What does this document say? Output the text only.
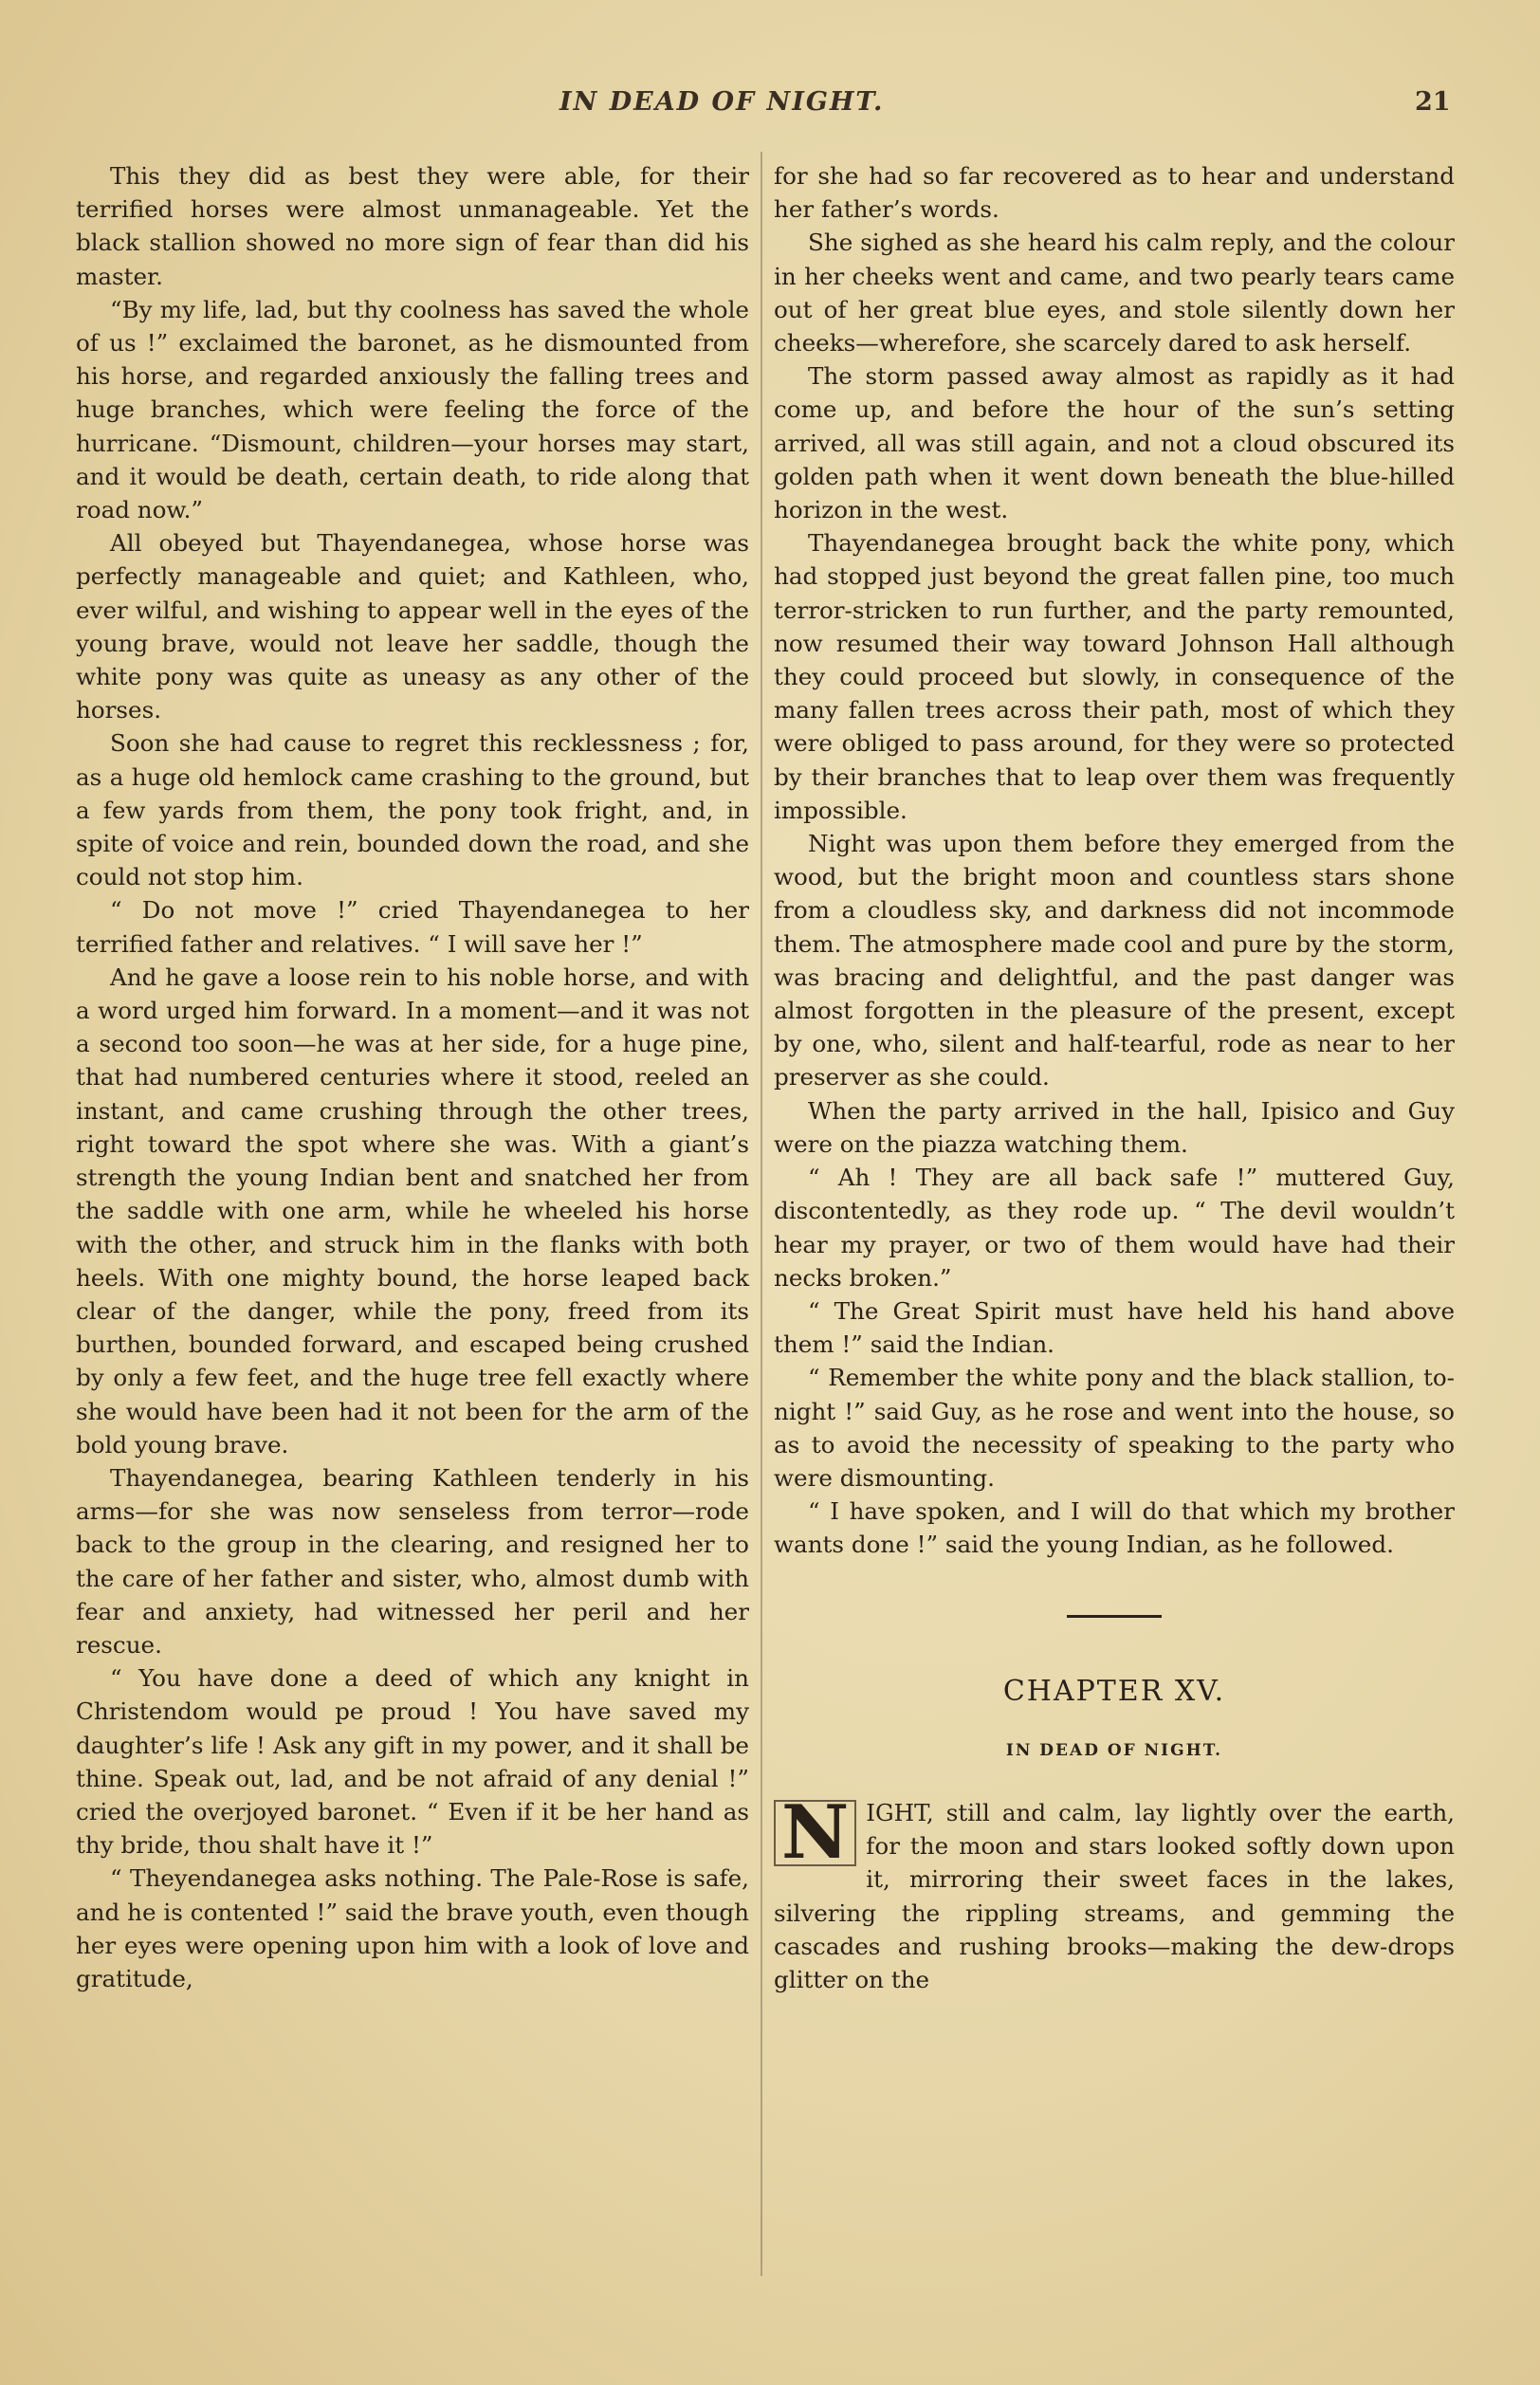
IN DEAD OF NIGHT.	21

This they did as best they were able, for their terrified horses were almost unmanageable. Yet the black stallion showed no more sign of fear than did his master.

“By my life, lad, but thy coolness has saved the whole of us !” exclaimed the baronet, as he dismounted from his horse, and regarded anxiously the falling trees and huge branches, which were feeling the force of the hurricane. “Dismount, children—your horses may start, and it would be death, certain death, to ride along that road now.”

All obeyed but Thayendanegea, whose horse was perfectly manageable and quiet; and Kathleen, who, ever wilful, and wishing to appear well in the eyes of the young brave, would not leave her saddle, though the white pony was quite as uneasy as any other of the horses.

Soon she had cause to regret this recklessness ; for, as a huge old hemlock came crashing to the ground, but a few yards from them, the pony took fright, and, in spite of voice and rein, bounded down the road, and she could not stop him.

“ Do not move !” cried Thayendanegea to her terrified father and relatives. “ I will save her !”

And he gave a loose rein to his noble horse, and with a word urged him forward. In a moment—and it was not a second too soon—he was at her side, for a huge pine, that had numbered centuries where it stood, reeled an instant, and came crushing through the other trees, right toward the spot where she was. With a giant’s strength the young Indian bent and snatched her from the saddle with one arm, while he wheeled his horse with the other, and struck him in the flanks with both heels. With one mighty bound, the horse leaped back clear of the danger, while the pony, freed from its burthen, bounded forward, and escaped being crushed by only a few feet, and the huge tree fell exactly where she would have been had it not been for the arm of the bold young brave.

Thayendanegea, bearing Kathleen tenderly in his arms—for she was now senseless from terror—rode back to the group in the clearing, and resigned her to the care of her father and sister, who, almost dumb with fear and anxiety, had witnessed her peril and her rescue.

“ You have done a deed of which any knight in Christendom would pe proud ! You have saved my daughter’s life ! Ask any gift in my power, and it shall be thine. Speak out, lad, and be not afraid of any denial !” cried the overjoyed baronet. “ Even if it be her hand as thy bride, thou shalt have it !”

“ Theyendanegea asks nothing. The Pale-Rose is safe, and he is contented !” said the brave youth, even though her eyes were opening upon him with a look of love and gratitude,

for she had so far recovered as to hear and understand her father’s words.

She sighed as she heard his calm reply, and the colour in her cheeks went and came, and two pearly tears came out of her great blue eyes, and stole silently down her cheeks—wherefore, she scarcely dared to ask herself.

The storm passed away almost as rapidly as it had come up, and before the hour of the sun’s setting arrived, all was still again, and not a cloud obscured its golden path when it went down beneath the blue-hilled horizon in the west.

Thayendanegea brought back the white pony, which had stopped just beyond the great fallen pine, too much terror-stricken to run further, and the party remounted, now resumed their way toward Johnson Hall although they could proceed but slowly, in consequence of the many fallen trees across their path, most of which they were obliged to pass around, for they were so protected by their branches that to leap over them was frequently impossible.

Night was upon them before they emerged from the wood, but the bright moon and countless stars shone from a cloudless sky, and darkness did not incommode them. The atmosphere made cool and pure by the storm, was bracing and delightful, and the past danger was almost forgotten in the pleasure of the present, except by one, who, silent and half-tearful, rode as near to her preserver as she could.

When the party arrived in the hall, Ipisico and Guy were on the piazza watching them.

“ Ah ! They are all back safe !” muttered Guy, discontentedly, as they rode up. “ The devil wouldn’t hear my prayer, or two of them would have had their necks broken.”

“ The Great Spirit must have held his hand above them !” said the Indian.

“ Remember the white pony and the black stallion, to-night !” said Guy, as he rose and went into the house, so as to avoid the necessity of speaking to the party who were dismounting.

“ I have spoken, and I will do that which my brother wants done !” said the young Indian, as he followed.

CHAPTER XV.

IN DEAD OF NIGHT.

N IGHT, still and calm, lay lightly over the earth, for the moon and stars looked softly down upon it, mirroring their sweet faces in the lakes, silvering the rippling streams, and gemming the cascades and rushing brooks—making the dew-drops glitter on the
